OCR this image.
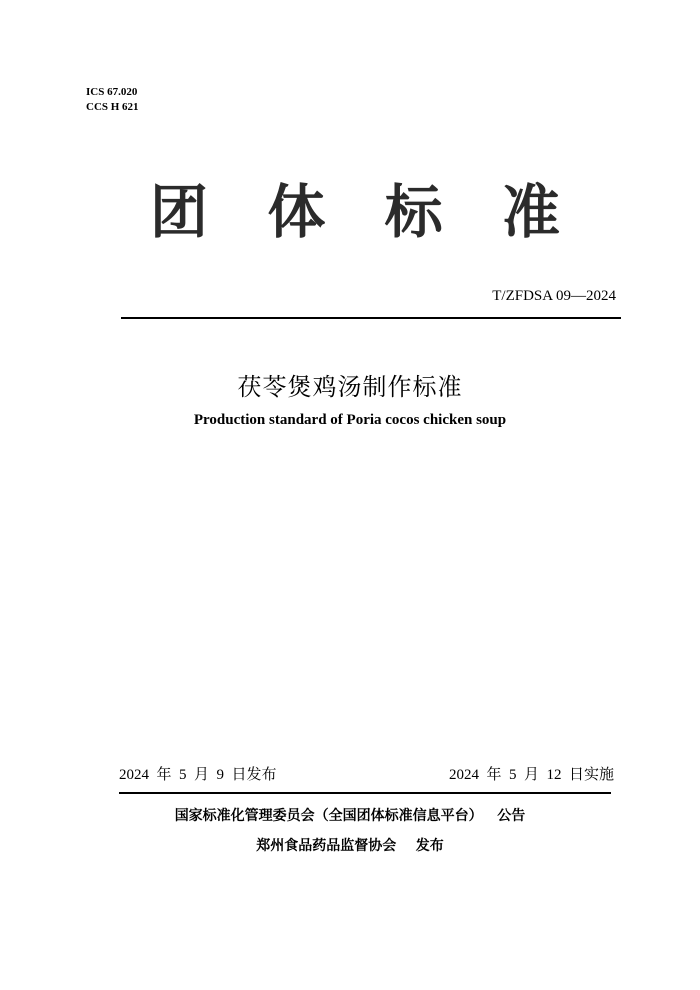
ICS 67.020
CCS H 621
团 体 标 准
T/ZFDSA 09—2024
茯苓煲鸡汤制作标准
Production standard of Poria cocos chicken soup
2024  年  5  月  9  日发布	2024  年  5  月  12  日实施
国家标准化管理委员会（全国团体标准信息平台）   公告
郑州食品药品监督协会    发布
